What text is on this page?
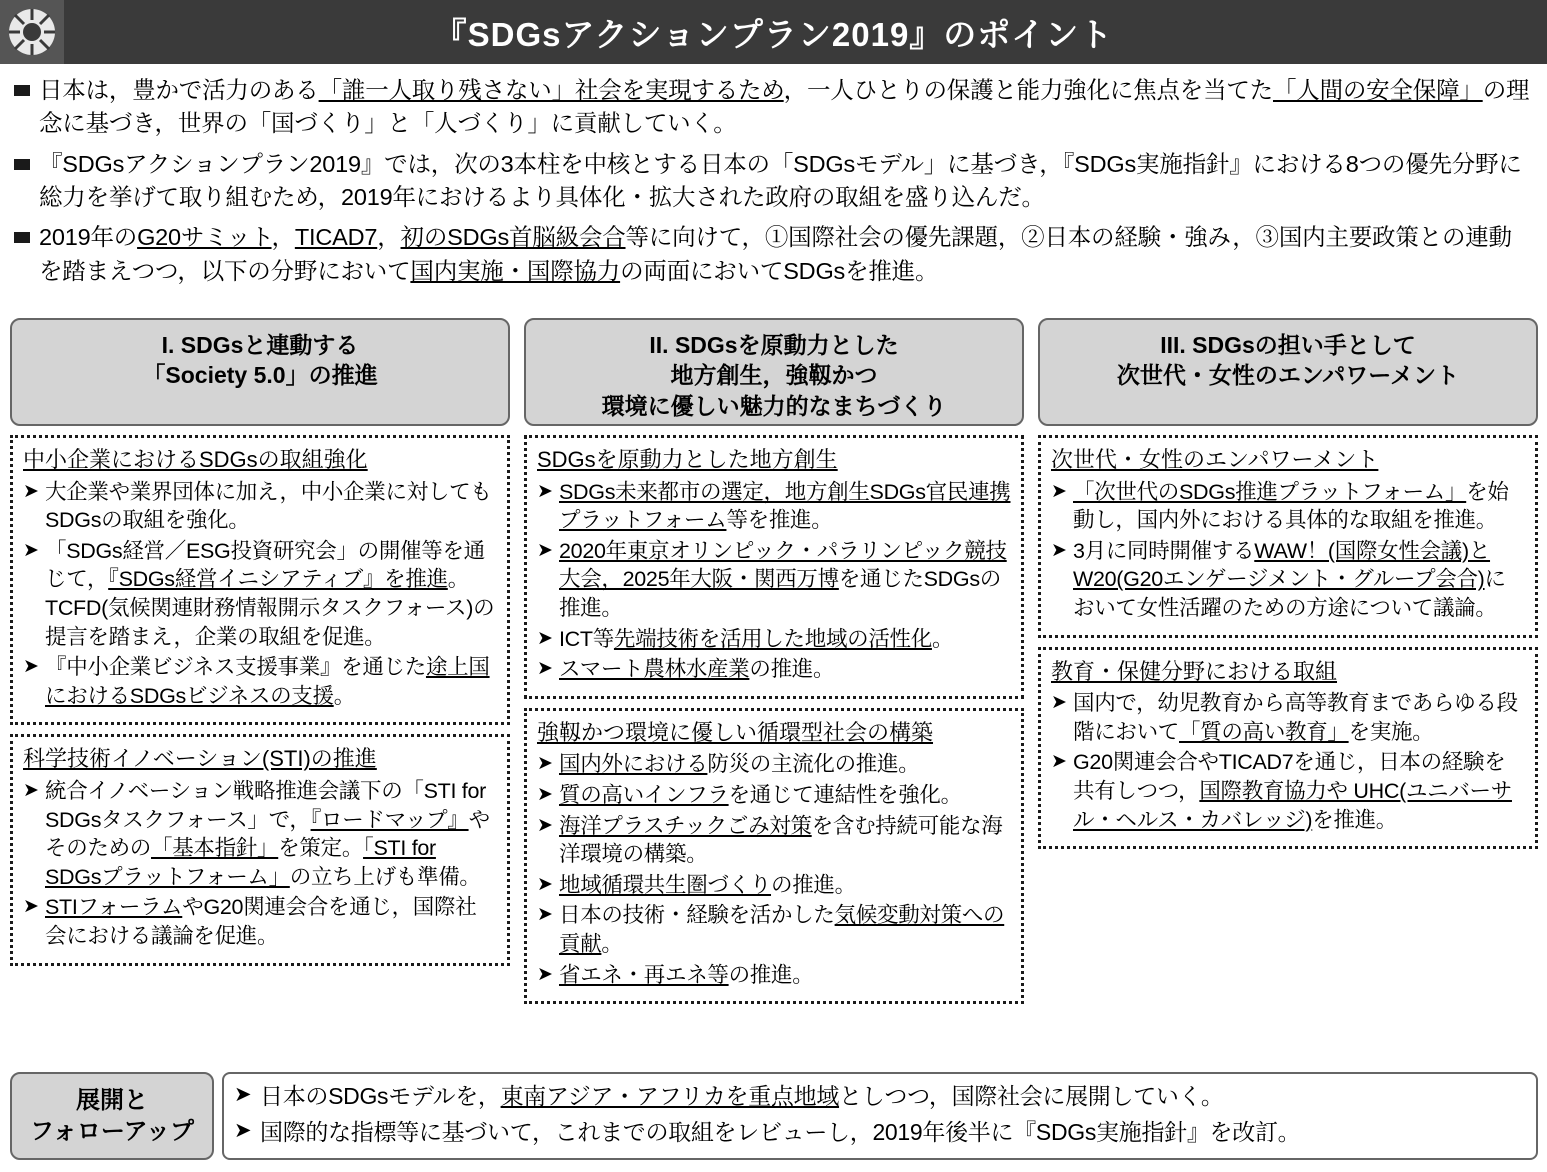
『SDGsアクションプラン2019』のポイント
日本は，豊かで活力のある「誰一人取り残さない」社会を実現するため，一人ひとりの保護と能力強化に焦点を当てた「人間の安全保障」の理念に基づき，世界の「国づくり」と「人づくり」に貢献していく。
『SDGsアクションプラン2019』では，次の3本柱を中核とする日本の「SDGsモデル」に基づき，『SDGs実施指針』における8つの優先分野に総力を挙げて取り組むため，2019年におけるより具体化・拡大された政府の取組を盛り込んだ。
2019年のG20サミット，TICAD7，初のSDGs首脳級会合等に向けて，①国際社会の優先課題，②日本の経験・強み，③国内主要政策との連動を踏まえつつ，以下の分野において国内実施・国際協力の両面においてSDGsを推進。
I. SDGsと連動する
「Society 5.0」の推進
中小企業におけるSDGsの取組強化
➤ 大企業や業界団体に加え，中小企業に対してもSDGsの取組を強化。
➤ 「SDGs経営／ESG投資研究会」の開催等を通じて，『SDGs経営イニシアティブ』を推進。TCFD(気候関連財務情報開示タスクフォース)の提言を踏まえ，企業の取組を促進。
➤ 『中小企業ビジネス支援事業』を通じた途上国におけるSDGsビジネスの支援。
科学技術イノベーション(STI)の推進
➤ 統合イノベーション戦略推進会議下の「STI for SDGsタスクフォース」で，『ロードマップ』やそのための「基本指針」を策定。「STI for SDGsプラットフォーム」の立ち上げも準備。
➤ STIフォーラムやG20関連会合を通じ，国際社会における議論を促進。
II. SDGsを原動力とした
地方創生，強靱かつ
環境に優しい魅力的なまちづくり
SDGsを原動力とした地方創生
➤ SDGs未来都市の選定，地方創生SDGs官民連携プラットフォーム等を推進。
➤ 2020年東京オリンピック・パラリンピック競技大会，2025年大阪・関西万博を通じたSDGsの推進。
➤ ICT等先端技術を活用した地域の活性化。
➤ スマート農林水産業の推進。
強靱かつ環境に優しい循環型社会の構築
➤ 国内外における防災の主流化の推進。
➤ 質の高いインフラを通じて連結性を強化。
➤ 海洋プラスチックごみ対策を含む持続可能な海洋環境の構築。
➤ 地域循環共生圏づくりの推進。
➤ 日本の技術・経験を活かした気候変動対策への貢献。
➤ 省エネ・再エネ等の推進。
III. SDGsの担い手として
次世代・女性のエンパワーメント
次世代・女性のエンパワーメント
➤ 「次世代のSDGs推進プラットフォーム」を始動し，国内外における具体的な取組を推進。
➤ 3月に同時開催するWAW！(国際女性会議)とW20(G20エンゲージメント・グループ会合)において女性活躍のための方途について議論。
教育・保健分野における取組
➤ 国内で，幼児教育から高等教育まであらゆる段階において「質の高い教育」を実施。
➤ G20関連会合やTICAD7を通じ，日本の経験を共有しつつ，国際教育協力や UHC(ユニバーサル・ヘルス・カバレッジ)を推進。
展開と
フォローアップ
➤ 日本のSDGsモデルを，東南アジア・アフリカを重点地域としつつ，国際社会に展開していく。
➤ 国際的な指標等に基づいて，これまでの取組をレビューし，2019年後半に『SDGs実施指針』を改訂。
